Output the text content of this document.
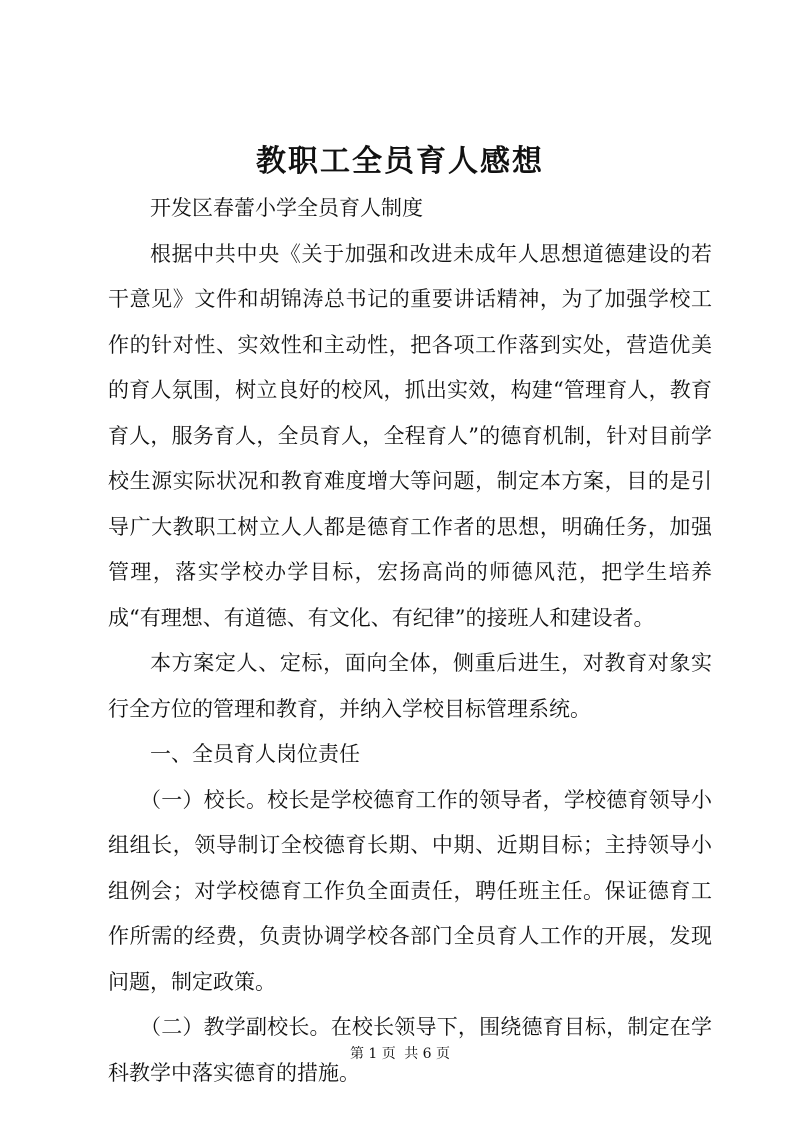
教职工全员育人感想

开发区春蕾小学全员育人制度

根据中共中央《关于加强和改进未成年人思想道德建设的若干意见》文件和胡锦涛总书记的重要讲话精神，为了加强学校工作的针对性、实效性和主动性，把各项工作落到实处，营造优美的育人氛围，树立良好的校风，抓出实效，构建“管理育人，教育育人，服务育人，全员育人，全程育人”的德育机制，针对目前学校生源实际状况和教育难度增大等问题，制定本方案，目的是引导广大教职工树立人人都是德育工作者的思想，明确任务，加强管理，落实学校办学目标，宏扬高尚的师德风范，把学生培养成“有理想、有道德、有文化、有纪律”的接班人和建设者。

本方案定人、定标，面向全体，侧重后进生，对教育对象实行全方位的管理和教育，并纳入学校目标管理系统。

一、全员育人岗位责任

（一）校长。校长是学校德育工作的领导者，学校德育领导小组组长，领导制订全校德育长期、中期、近期目标；主持领导小组例会；对学校德育工作负全面责任，聘任班主任。保证德育工作所需的经费，负责协调学校各部门全员育人工作的开展，发现问题，制定政策。

（二）教学副校长。在校长领导下，围绕德育目标，制定在学科教学中落实德育的措施。

第 1 页 共 6 页
